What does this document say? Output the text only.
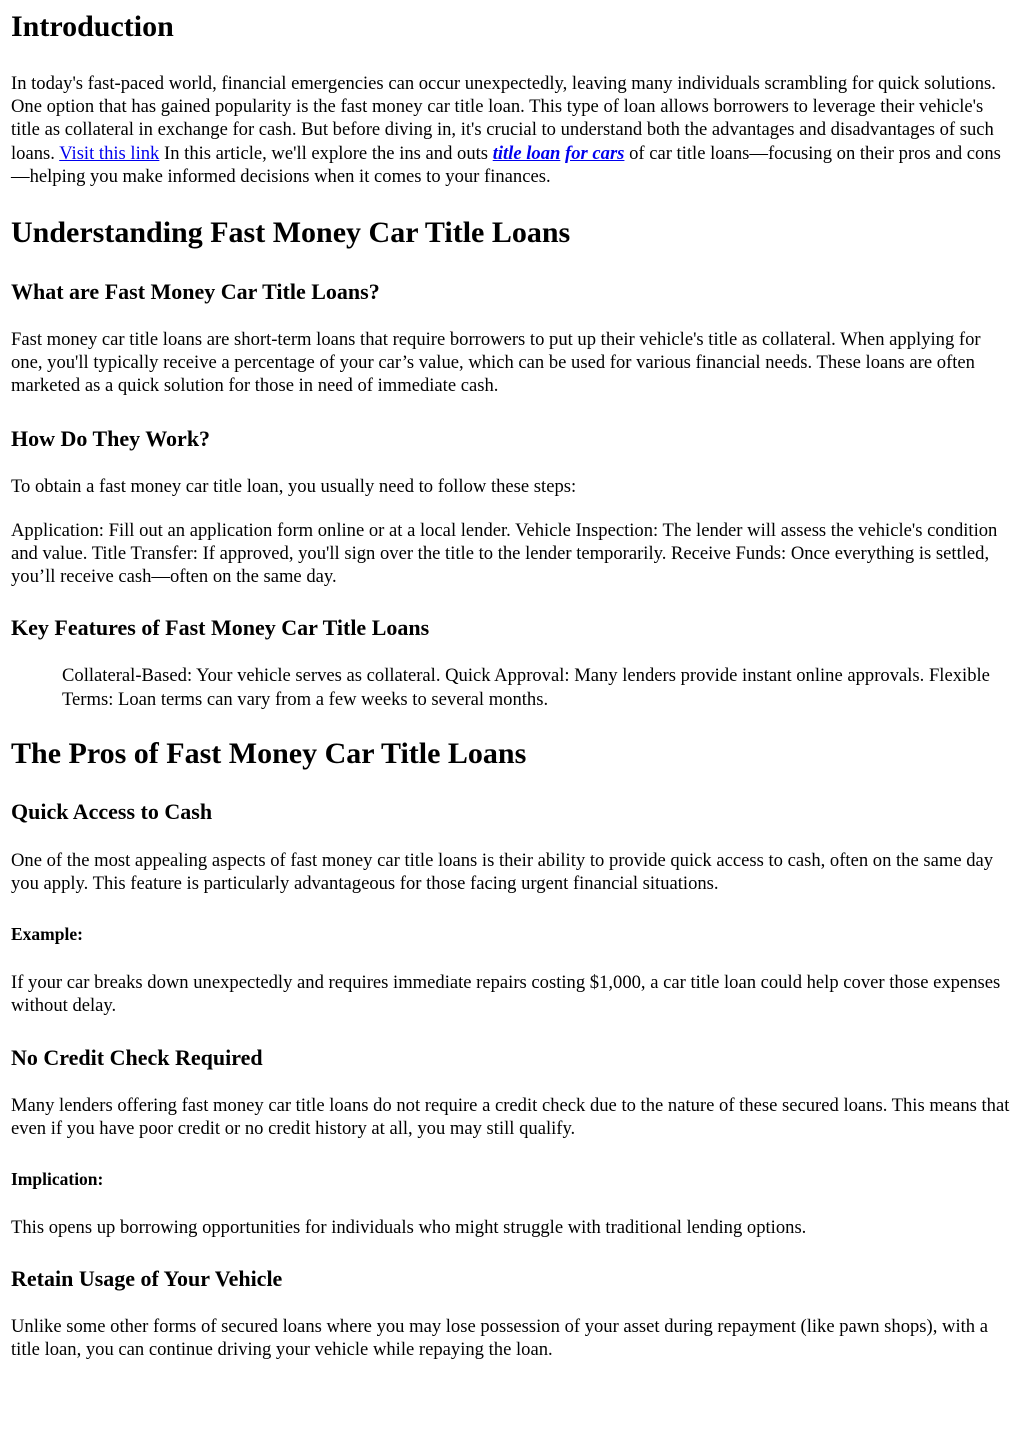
Introduction

In today's fast-paced world, financial emergencies can occur unexpectedly, leaving many individuals scrambling for quick solutions. One option that has gained popularity is the fast money car title loan. This type of loan allows borrowers to leverage their vehicle's title as collateral in exchange for cash. But before diving in, it's crucial to understand both the advantages and disadvantages of such loans. Visit this link In this article, we'll explore the ins and outs title loan for cars of car title loans—focusing on their pros and cons—helping you make informed decisions when it comes to your finances.

Understanding Fast Money Car Title Loans
What are Fast Money Car Title Loans?

Fast money car title loans are short-term loans that require borrowers to put up their vehicle's title as collateral. When applying for one, you'll typically receive a percentage of your car’s value, which can be used for various financial needs. These loans are often marketed as a quick solution for those in need of immediate cash.

How Do They Work?

To obtain a fast money car title loan, you usually need to follow these steps:

Application: Fill out an application form online or at a local lender. Vehicle Inspection: The lender will assess the vehicle's condition and value. Title Transfer: If approved, you'll sign over the title to the lender temporarily. Receive Funds: Once everything is settled, you’ll receive cash—often on the same day.

Key Features of Fast Money Car Title Loans
Collateral-Based: Your vehicle serves as collateral. Quick Approval: Many lenders provide instant online approvals. Flexible Terms: Loan terms can vary from a few weeks to several months.
The Pros of Fast Money Car Title Loans
Quick Access to Cash

One of the most appealing aspects of fast money car title loans is their ability to provide quick access to cash, often on the same day you apply. This feature is particularly advantageous for those facing urgent financial situations.

Example:

If your car breaks down unexpectedly and requires immediate repairs costing $1,000, a car title loan could help cover those expenses without delay.

No Credit Check Required

Many lenders offering fast money car title loans do not require a credit check due to the nature of these secured loans. This means that even if you have poor credit or no credit history at all, you may still qualify.

Implication:

This opens up borrowing opportunities for individuals who might struggle with traditional lending options.

Retain Usage of Your Vehicle

Unlike some other forms of secured loans where you may lose possession of your asset during repayment (like pawn shops), with a title loan, you can continue driving your vehicle while repaying the loan.
